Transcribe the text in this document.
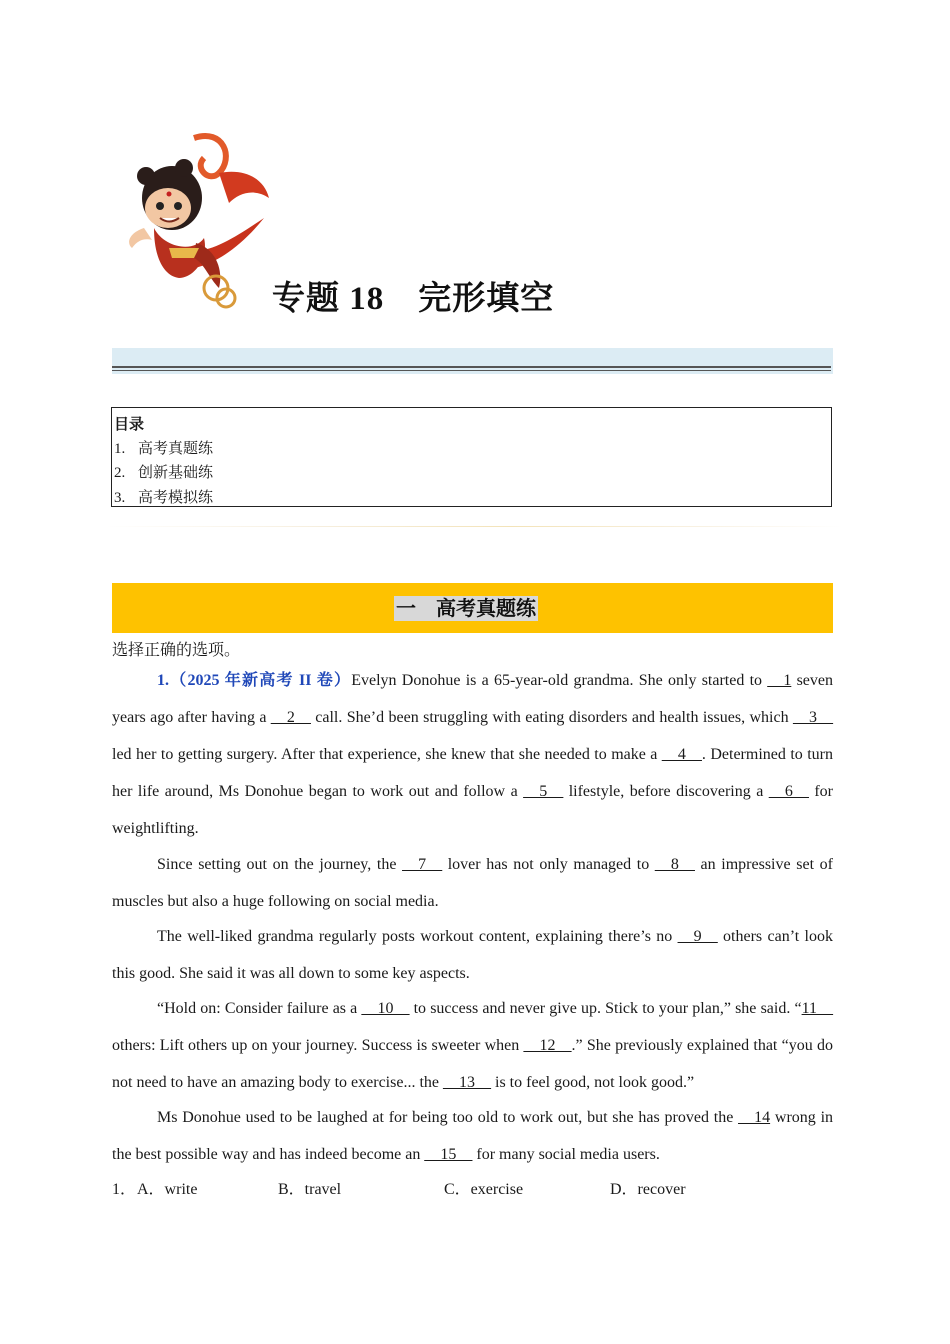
专题 18　完形填空
目录
1. 高考真题练
2. 创新基础练
3. 高考模拟练
一　高考真题练
选择正确的选项。
1.（2025 年新高考 II 卷）Evelyn Donohue is a 65-year-old grandma. She only started to __1 seven years ago after having a __2__ call. She’d been struggling with eating disorders and health issues, which __3__ led her to getting surgery. After that experience, she knew that she needed to make a __4__. Determined to turn her life around, Ms Donohue began to work out and follow a __5__ lifestyle, before discovering a __6__ for weightlifting.
Since setting out on the journey, the __7__ lover has not only managed to __8__ an impressive set of muscles but also a huge following on social media.
The well-liked grandma regularly posts workout content, explaining there’s no __9__ others can’t look this good. She said it was all down to some key aspects.
“Hold on: Consider failure as a __10__ to success and never give up. Stick to your plan,” she said. “11__ others: Lift others up on your journey. Success is sweeter when __12__.” She previously explained that “you do not need to have an amazing body to exercise... the __13__ is to feel good, not look good.”
Ms Donohue used to be laughed at for being too old to work out, but she has proved the __14 wrong in the best possible way and has indeed become an __15__ for many social media users.
1． A．write	B．travel	C．exercise	D．recover
